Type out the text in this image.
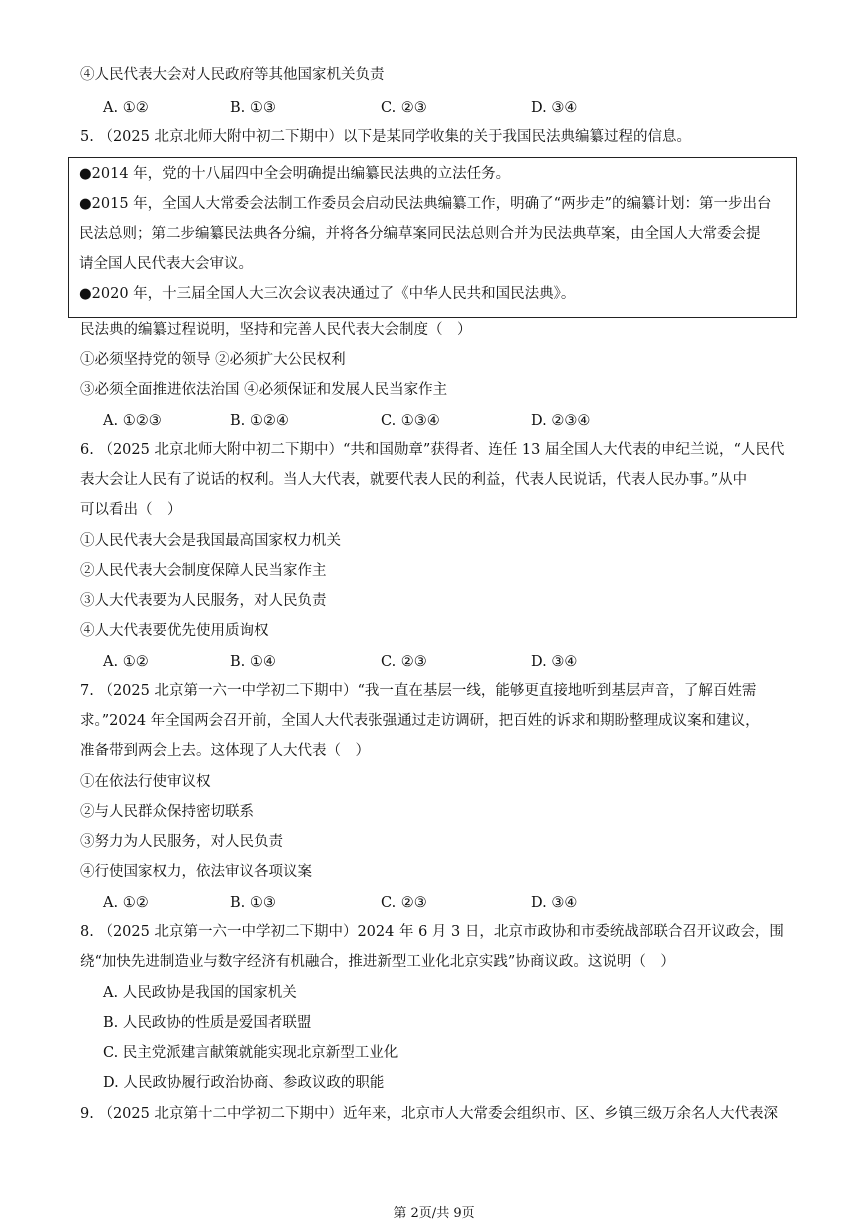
④人民代表大会对人民政府等其他国家机关负责
A. ①②	B. ①③	C. ②③	D. ③④
5. （2025 北京北师大附中初二下期中）以下是某同学收集的关于我国民法典编纂过程的信息。
●2014 年，党的十八届四中全会明确提出编纂民法典的立法任务。
●2015 年，全国人大常委会法制工作委员会启动民法典编纂工作，明确了“两步走”的编纂计划：第一步出台
民法总则；第二步编纂民法典各分编，并将各分编草案同民法总则合并为民法典草案，由全国人大常委会提
请全国人民代表大会审议。
●2020 年，十三届全国人大三次会议表决通过了《中华人民共和国民法典》。
民法典的编纂过程说明，坚持和完善人民代表大会制度（　）
①必须坚持党的领导 ②必须扩大公民权利
③必须全面推进依法治国 ④必须保证和发展人民当家作主
A. ①②③	B. ①②④	C. ①③④	D. ②③④
6. （2025 北京北师大附中初二下期中）“共和国勋章”获得者、连任 13 届全国人大代表的申纪兰说，“人民代
表大会让人民有了说话的权利。当人大代表，就要代表人民的利益，代表人民说话，代表人民办事。”从中
可以看出（　）
①人民代表大会是我国最高国家权力机关
②人民代表大会制度保障人民当家作主
③人大代表要为人民服务，对人民负责
④人大代表要优先使用质询权
A. ①②	B. ①④	C. ②③	D. ③④
7. （2025 北京第一六一中学初二下期中）“我一直在基层一线，能够更直接地听到基层声音，了解百姓需
求。”2024 年全国两会召开前，全国人大代表张强通过走访调研，把百姓的诉求和期盼整理成议案和建议，
准备带到两会上去。这体现了人大代表（　）
①在依法行使审议权
②与人民群众保持密切联系
③努力为人民服务，对人民负责
④行使国家权力，依法审议各项议案
A. ①②	B. ①③	C. ②③	D. ③④
8. （2025 北京第一六一中学初二下期中）2024 年 6 月 3 日，北京市政协和市委统战部联合召开议政会，围
绕“加快先进制造业与数字经济有机融合，推进新型工业化北京实践”协商议政。这说明（　）
A. 人民政协是我国的国家机关
B. 人民政协的性质是爱国者联盟
C. 民主党派建言献策就能实现北京新型工业化
D. 人民政协履行政治协商、参政议政的职能
9. （2025 北京第十二中学初二下期中）近年来，北京市人大常委会组织市、区、乡镇三级万余名人大代表深
第 2页/共 9页
